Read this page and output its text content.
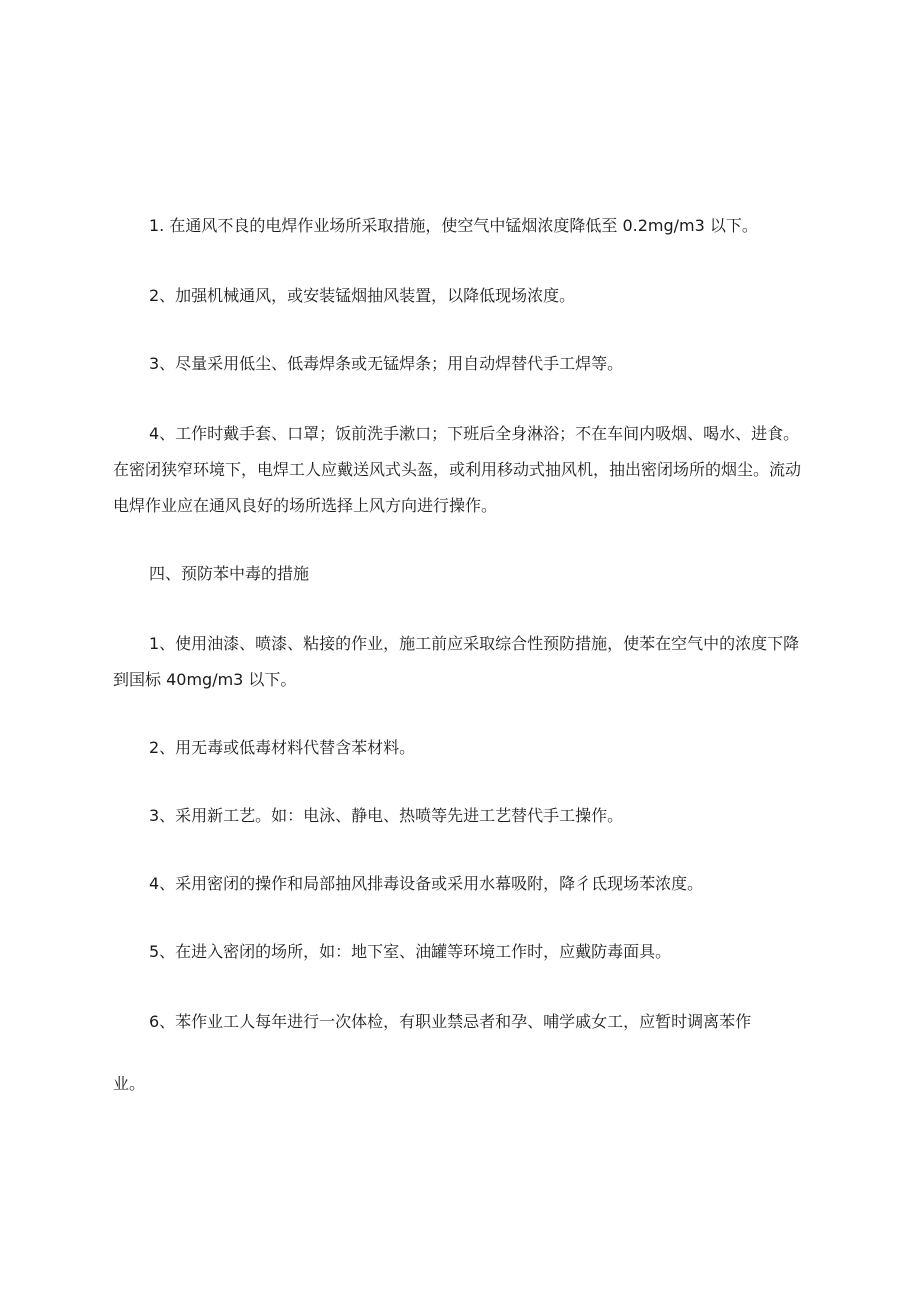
1. 在通风不良的电焊作业场所采取措施，使空气中锰烟浓度降低至 0.2mg/m3 以下。

2、加强机械通风，或安装锰烟抽风装置，以降低现场浓度。

3、尽量采用低尘、低毒焊条或无锰焊条；用自动焊替代手工焊等。

4、工作时戴手套、口罩；饭前洗手漱口；下班后全身淋浴；不在车间内吸烟、喝水、进食。在密闭狭窄环境下，电焊工人应戴送风式头盔，或利用移动式抽风机，抽出密闭场所的烟尘。流动电焊作业应在通风良好的场所选择上风方向进行操作。

四、预防苯中毒的措施

1、使用油漆、喷漆、粘接的作业，施工前应采取综合性预防措施，使苯在空气中的浓度下降到国标 40mg/m3 以下。

2、用无毒或低毒材料代替含苯材料。

3、采用新工艺。如：电泳、静电、热喷等先进工艺替代手工操作。

4、采用密闭的操作和局部抽风排毒设备或采用水幕吸附，降彳氐现场苯浓度。

5、在进入密闭的场所，如：地下室、油罐等环境工作时，应戴防毒面具。

6、苯作业工人每年进行一次体检，有职业禁忌者和孕、哺学戚女工，应暂时调离苯作

业。
